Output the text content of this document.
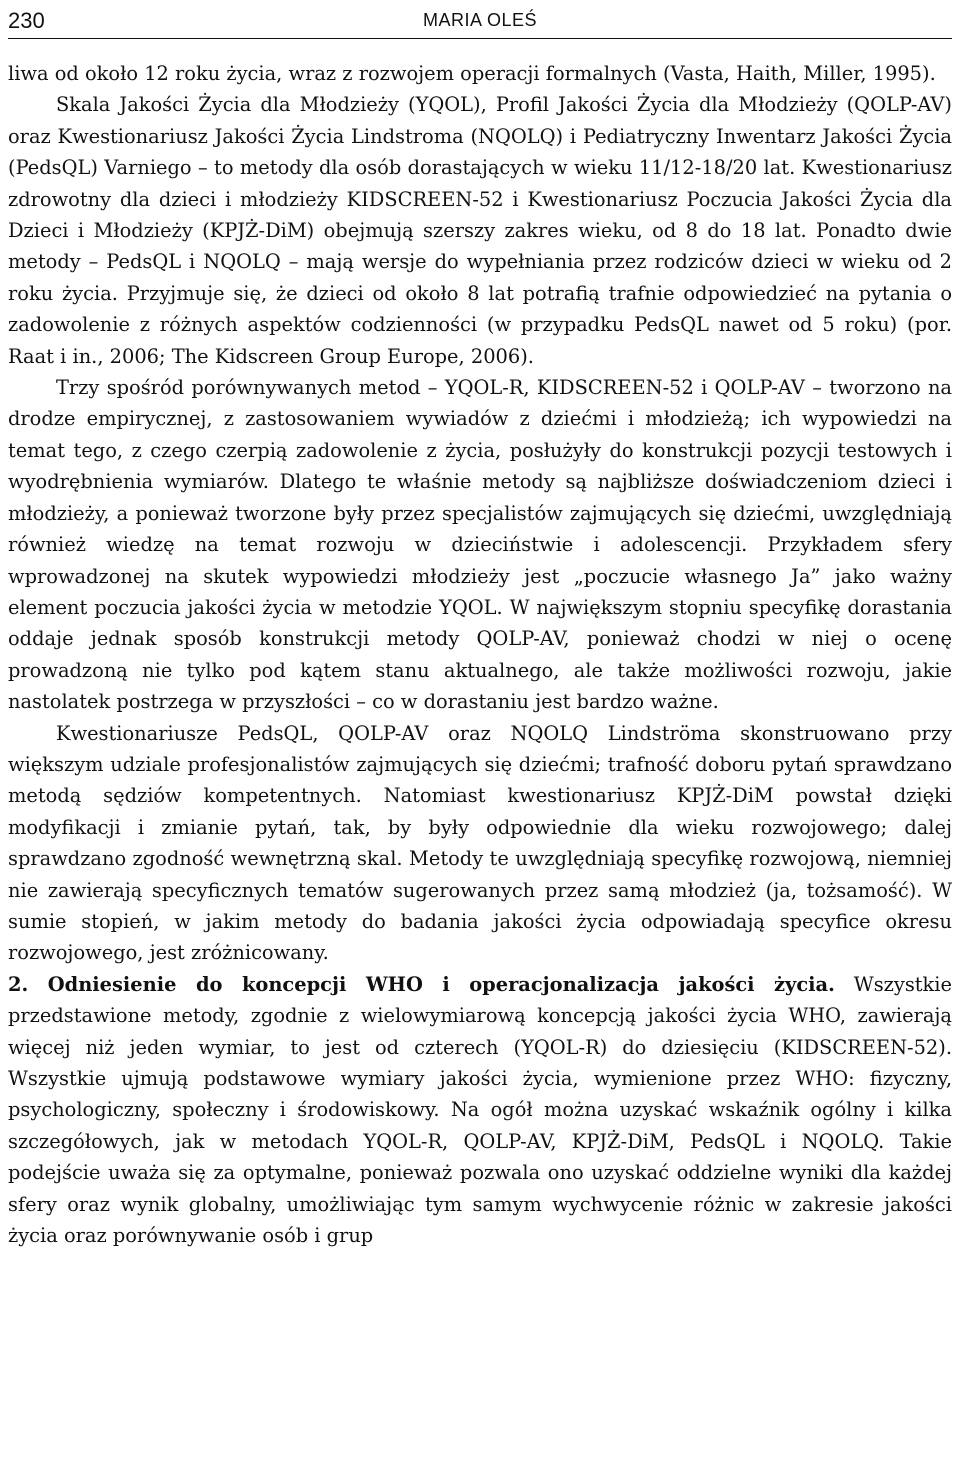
230	MARIA OLEŚ

liwa od około 12 roku życia, wraz z rozwojem operacji formalnych (Vasta, Haith, Miller, 1995).

Skala Jakości Życia dla Młodzieży (YQOL), Profil Jakości Życia dla Młodzieży (QOLP-AV) oraz Kwestionariusz Jakości Życia Lindstroma (NQOLQ) i Pediatryczny Inwentarz Jakości Życia (PedsQL) Varniego – to metody dla osób dorastających w wieku 11/12-18/20 lat. Kwestionariusz zdrowotny dla dzieci i młodzieży KIDSCREEN-52 i Kwestionariusz Poczucia Jakości Życia dla Dzieci i Młodzieży (KPJŻ-DiM) obejmują szerszy zakres wieku, od 8 do 18 lat. Ponadto dwie metody – PedsQL i NQOLQ – mają wersje do wypełniania przez rodziców dzieci w wieku od 2 roku życia. Przyjmuje się, że dzieci od około 8 lat potrafią trafnie odpowiedzieć na pytania o zadowolenie z różnych aspektów codzienności (w przypadku PedsQL nawet od 5 roku) (por. Raat i in., 2006; The Kidscreen Group Europe, 2006).

Trzy spośród porównywanych metod – YQOL-R, KIDSCREEN-52 i QOLP-AV – tworzono na drodze empirycznej, z zastosowaniem wywiadów z dziećmi i młodzieżą; ich wypowiedzi na temat tego, z czego czerpią zadowolenie z życia, posłużyły do konstrukcji pozycji testowych i wyodrębnienia wymiarów. Dlatego te właśnie metody są najbliższe doświadczeniom dzieci i młodzieży, a ponieważ tworzone były przez specjalistów zajmujących się dziećmi, uwzględniają również wiedzę na temat rozwoju w dzieciństwie i adolescencji. Przykładem sfery wprowadzonej na skutek wypowiedzi młodzieży jest „poczucie własnego Ja” jako ważny element poczucia jakości życia w metodzie YQOL. W największym stopniu specyfikę dorastania oddaje jednak sposób konstrukcji metody QOLP-AV, ponieważ chodzi w niej o ocenę prowadzoną nie tylko pod kątem stanu aktualnego, ale także możliwości rozwoju, jakie nastolatek postrzega w przyszłości – co w dorastaniu jest bardzo ważne.

Kwestionariusze PedsQL, QOLP-AV oraz NQOLQ Lindströma skonstruowano przy większym udziale profesjonalistów zajmujących się dziećmi; trafność doboru pytań sprawdzano metodą sędziów kompetentnych. Natomiast kwestionariusz KPJŻ-DiM powstał dzięki modyfikacji i zmianie pytań, tak, by były odpowiednie dla wieku rozwojowego; dalej sprawdzano zgodność wewnętrzną skal. Metody te uwzględniają specyfikę rozwojową, niemniej nie zawierają specyficznych tematów sugerowanych przez samą młodzież (ja, tożsamość). W sumie stopień, w jakim metody do badania jakości życia odpowiadają specyfice okresu rozwojowego, jest zróżnicowany.

2. Odniesienie do koncepcji WHO i operacjonalizacja jakości życia. Wszystkie przedstawione metody, zgodnie z wielowymiarową koncepcją jakości życia WHO, zawierają więcej niż jeden wymiar, to jest od czterech (YQOL-R) do dziesięciu (KIDSCREEN-52). Wszystkie ujmują podstawowe wymiary jakości życia, wymienione przez WHO: fizyczny, psychologiczny, społeczny i środowiskowy. Na ogół można uzyskać wskaźnik ogólny i kilka szczegółowych, jak w metodach YQOL-R, QOLP-AV, KPJŻ-DiM, PedsQL i NQOLQ. Takie podejście uważa się za optymalne, ponieważ pozwala ono uzyskać oddzielne wyniki dla każdej sfery oraz wynik globalny, umożliwiając tym samym wychwycenie różnic w zakresie jakości życia oraz porównywanie osób i grup
